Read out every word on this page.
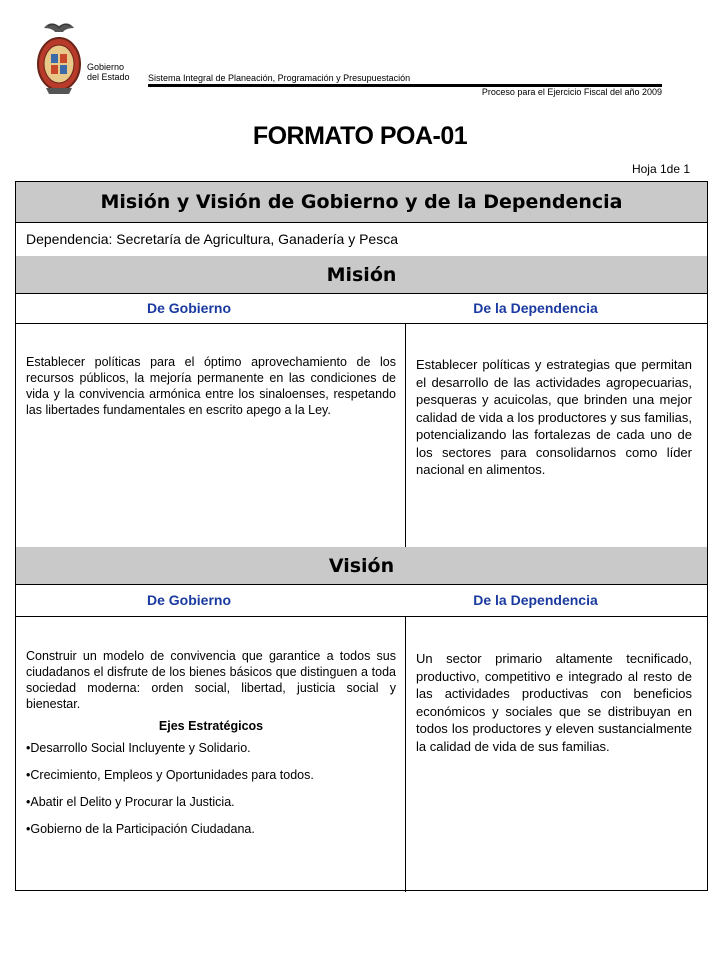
Gobierno
del Estado Sistema Integral de Planeación, Programación y Presupuestación
Proceso para el Ejercicio Fiscal del año 2009
FORMATO POA-01
Hoja 1de 1
Misión y Visión de Gobierno y de la Dependencia
Dependencia: Secretaría de Agricultura, Ganadería y Pesca
Misión
De Gobierno	De la Dependencia
Establecer políticas para el óptimo aprovechamiento de los recursos públicos, la mejoría permanente en las condiciones de vida y la convivencia armónica entre los sinaloenses, respetando las libertades fundamentales en escrito apego a la Ley.
Establecer políticas y estrategias que permitan el desarrollo de las actividades agropecuarias, pesqueras y acuicolas, que brinden una mejor calidad de vida a los productores y sus familias, potencializando las fortalezas de cada uno de los sectores para consolidarnos como líder nacional en alimentos.
Visión
De Gobierno	De la Dependencia
Construir un modelo de convivencia que garantice a todos sus ciudadanos el disfrute de los bienes básicos que distinguen a toda sociedad moderna: orden social, libertad, justicia social y bienestar.
Ejes Estratégicos
•Desarrollo Social Incluyente y Solidario.
•Crecimiento, Empleos y Oportunidades para todos.
•Abatir el Delito y Procurar la Justicia.
•Gobierno de la Participación Ciudadana.
Un sector primario altamente tecnificado, productivo, competitivo e integrado al resto de las actividades productivas con beneficios económicos y sociales que se distribuyan en todos los productores y eleven sustancialmente la calidad de vida de sus familias.
